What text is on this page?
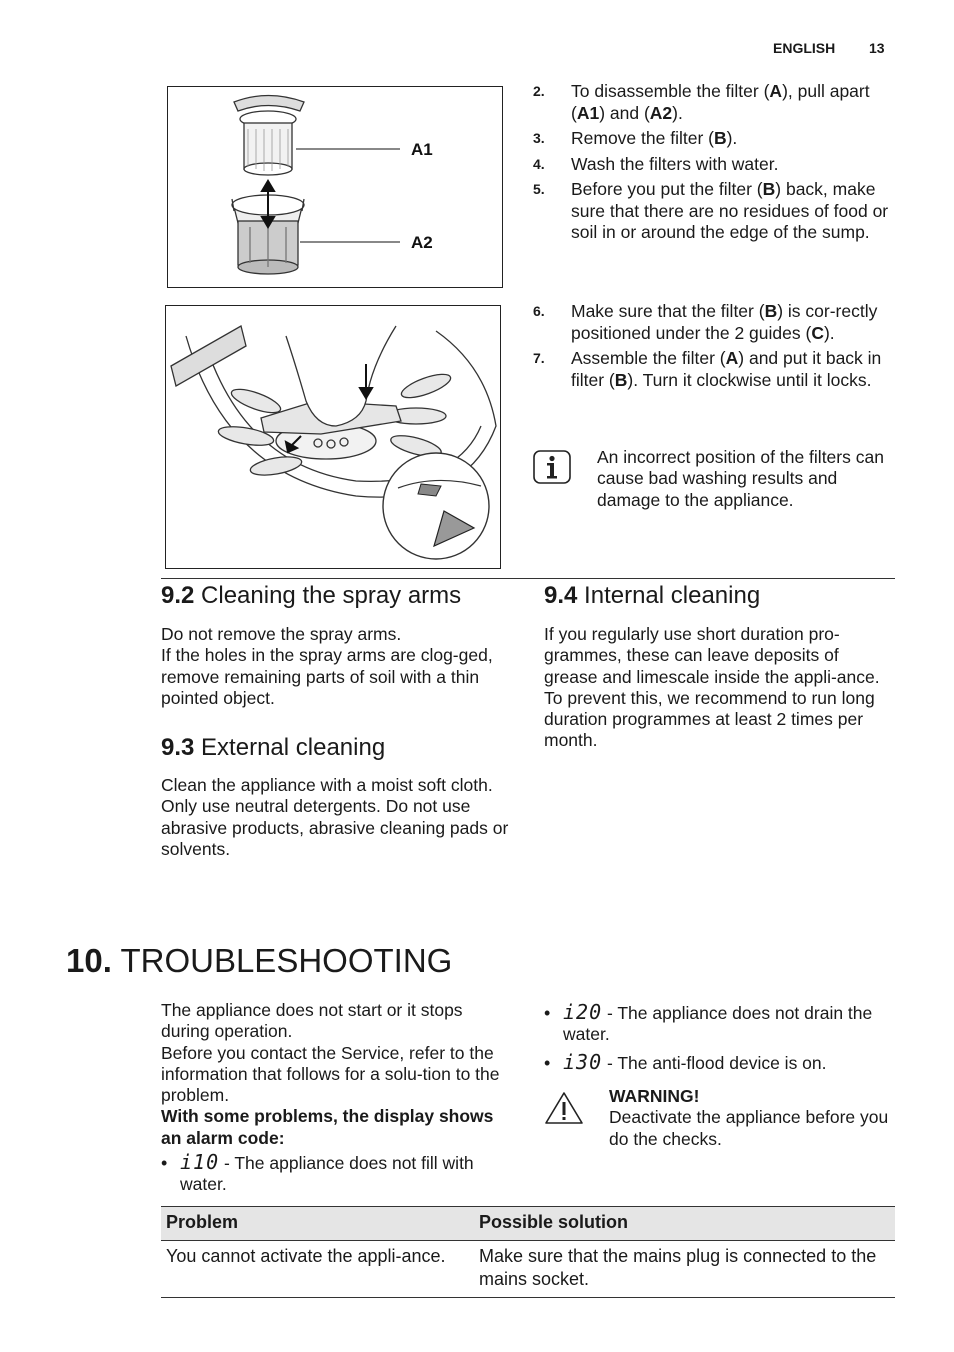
ENGLISH 13
A1
A2
2. To disassemble the filter (A), pull apart (A1) and (A2).
3. Remove the filter (B).
4. Wash the filters with water.
5. Before you put the filter (B) back, make sure that there are no residues of food or soil in or around the edge of the sump.
6. Make sure that the filter (B) is cor-rectly positioned under the 2 guides (C).
7. Assemble the filter (A) and put it back in filter (B). Turn it clockwise until it locks.
An incorrect position of the filters can cause bad washing results and damage to the appliance.
9.2 Cleaning the spray arms
Do not remove the spray arms.
If the holes in the spray arms are clog-ged, remove remaining parts of soil with a thin pointed object.
9.3 External cleaning
Clean the appliance with a moist soft cloth.
Only use neutral detergents. Do not use abrasive products, abrasive cleaning pads or solvents.
9.4 Internal cleaning
If you regularly use short duration pro-grammes, these can leave deposits of grease and limescale inside the appli-ance.
To prevent this, we recommend to run long duration programmes at least 2 times per month.
10. TROUBLESHOOTING
The appliance does not start or it stops during operation.
Before you contact the Service, refer to the information that follows for a solu-tion to the problem.
With some problems, the display shows an alarm code:
• i10 - The appliance does not fill with water.
• i20 - The appliance does not drain the water.
• i30 - The anti-flood device is on.
WARNING!
Deactivate the appliance before you do the checks.
Problem	Possible solution
You cannot activate the appli-ance.	Make sure that the mains plug is connected to the mains socket.
